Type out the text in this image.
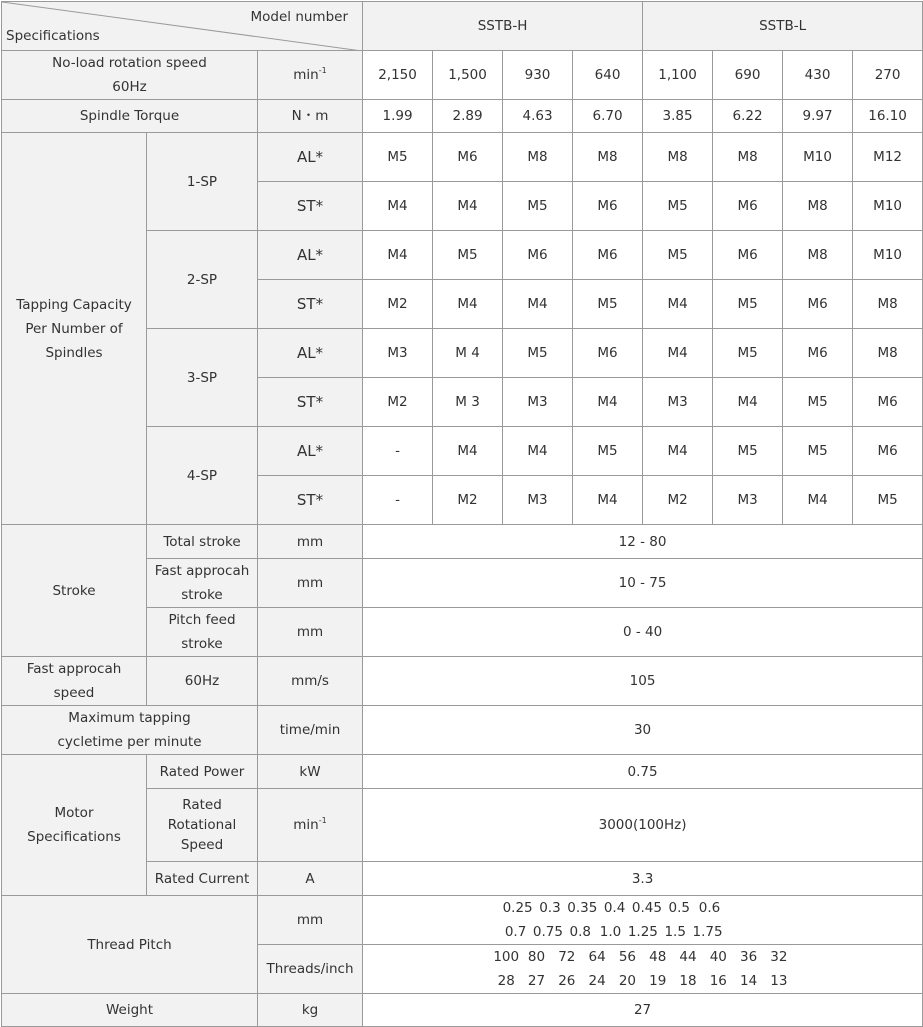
Model number
Specifications			SSTB-H				SSTB-L			

No-load rotation speed
60Hz		$\min^{-1}$	2,150	1,500	930	640	1,100	690	430	270
Spindle Torque		N・m	1.99	2.89	4.63	6.70	3.85	6.22	9.97	16.10

Tapping Capacity
Per Number of
Spindles	1-SP	AL*	M5	M6	M8	M8	M8	M8	M10	M12
		ST*	M4	M4	M5	M6	M5	M6	M8	M10
	2-SP	AL*	M4	M5	M6	M6	M5	M6	M8	M10
		ST*	M2	M4	M4	M5	M4	M5	M6	M8
	3-SP	AL*	M3	M 4	M5	M6	M4	M5	M6	M8
		ST*	M2	M 3	M3	M4	M3	M4	M5	M6
	4-SP	AL*	-	M4	M4	M5	M4	M5	M5	M6
		ST*	-	M2	M3	M4	M2	M3	M4	M5
Stroke	Total stroke	mm	12 - 80							

	Fast approcah
stroke	mm	10 - 75							

	Pitch feed
stroke	mm	0 - 40							

Fast approcah
speed	60Hz	mm/s	105							

Maximum tapping
cycletime per minute		time/min	30							

Motor
Specifications	Rated Power	kW	0.75							

	Rated
Rotational
Speed	$\min^{-1}$	3000(100Hz)							
	Rated Current	A	3.3							
Thread Pitch		mm	0.25 0.3 0.35 0.4 0.45 0.5 0.6
0.7 0.75 0.8 1.0 1.25 1.5 1.75							

		Threads/inch	100 80 72 64 56 48 44 40 36 32
28 27 26 24 20 19 18 16 14 13							

Weight		kg	27							
